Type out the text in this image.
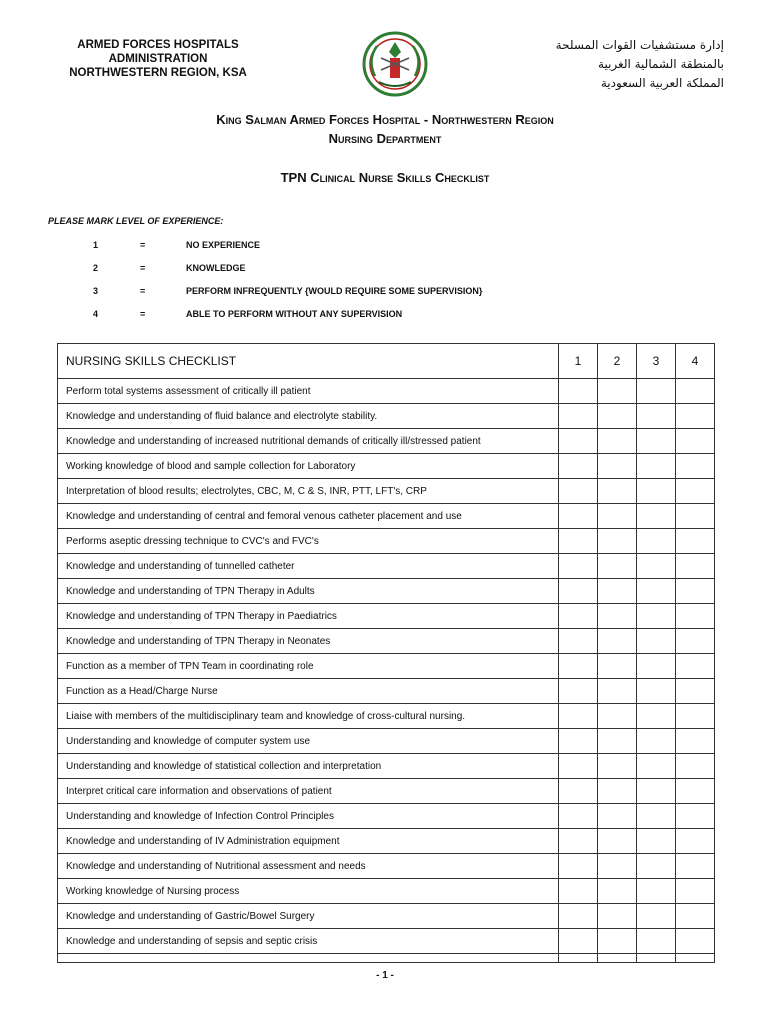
ARMED FORCES HOSPITALS
ADMINISTRATION
NORTHWESTERN REGION, KSA
إدارة مستشفيات القوات المسلحة
بالمنطقة الشمالية الغربية
المملكة العربية السعودية
King Salman Armed Forces Hospital - Northwestern Region
Nursing Department
TPN Clinical Nurse Skills Checklist
PLEASE MARK LEVEL OF EXPERIENCE:
1	=	NO EXPERIENCE
2	=	KNOWLEDGE
3	=	PERFORM INFREQUENTLY {WOULD REQUIRE SOME SUPERVISION}
4	=	ABLE TO PERFORM WITHOUT ANY SUPERVISION
NURSING SKILLS CHECKLIST	1	2	3	4
Perform total systems assessment of critically ill patient				
Knowledge and understanding of fluid balance and electrolyte stability.				
Knowledge and understanding of increased nutritional demands of critically ill/stressed patient				
Working knowledge of blood and sample collection for Laboratory				
Interpretation of blood results; electrolytes, CBC, M, C & S, INR, PTT, LFT's, CRP				
Knowledge and understanding of central and femoral venous catheter placement and use				
Performs aseptic dressing technique to CVC's and FVC's				
Knowledge and understanding of tunnelled catheter				
Knowledge and understanding of TPN Therapy in Adults				
Knowledge and understanding of TPN Therapy in Paediatrics				
Knowledge and understanding of TPN Therapy in Neonates				
Function as a member of TPN Team in coordinating role				
Function as a Head/Charge Nurse				
Liaise with members of the multidisciplinary team and knowledge of cross-cultural nursing.				
Understanding and knowledge of computer system use				
Understanding and knowledge of statistical collection and interpretation				
Interpret critical care information and observations of patient				
Understanding and knowledge of Infection Control Principles				
Knowledge and understanding of IV Administration equipment				
Knowledge and understanding of Nutritional assessment and needs				
Working knowledge of Nursing process				
Knowledge and understanding of Gastric/Bowel Surgery				
Knowledge and understanding of sepsis and septic crisis				

- 1 -
